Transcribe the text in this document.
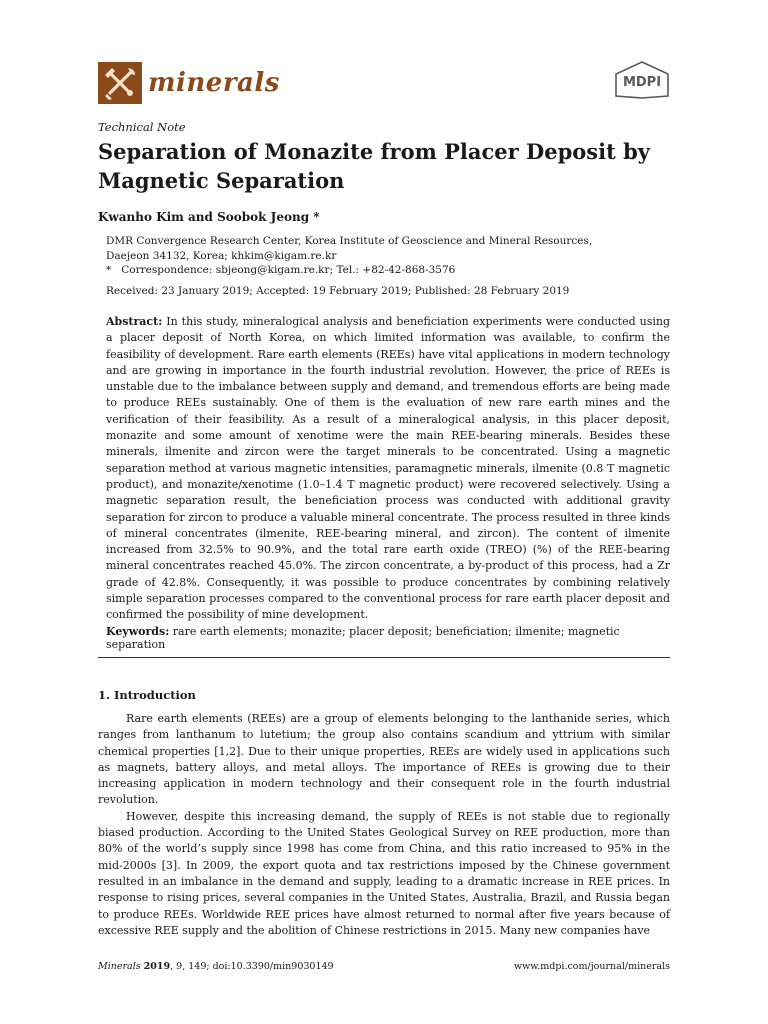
minerals	MDPI
Technical Note
Separation of Monazite from Placer Deposit by Magnetic Separation
Kwanho Kim and Soobok Jeong *
DMR Convergence Research Center, Korea Institute of Geoscience and Mineral Resources,
Daejeon 34132, Korea; khkim@kigam.re.kr
* Correspondence: sbjeong@kigam.re.kr; Tel.: +82-42-868-3576
Received: 23 January 2019; Accepted: 19 February 2019; Published: 28 February 2019

Abstract: In this study, mineralogical analysis and beneficiation experiments were conducted using a placer deposit of North Korea, on which limited information was available, to confirm the feasibility of development. Rare earth elements (REEs) have vital applications in modern technology and are growing in importance in the fourth industrial revolution. However, the price of REEs is unstable due to the imbalance between supply and demand, and tremendous efforts are being made to produce REEs sustainably. One of them is the evaluation of new rare earth mines and the verification of their feasibility. As a result of a mineralogical analysis, in this placer deposit, monazite and some amount of xenotime were the main REE-bearing minerals. Besides these minerals, ilmenite and zircon were the target minerals to be concentrated. Using a magnetic separation method at various magnetic intensities, paramagnetic minerals, ilmenite (0.8 T magnetic product), and monazite/xenotime (1.0–1.4 T magnetic product) were recovered selectively. Using a magnetic separation result, the beneficiation process was conducted with additional gravity separation for zircon to produce a valuable mineral concentrate. The process resulted in three kinds of mineral concentrates (ilmenite, REE-bearing mineral, and zircon). The content of ilmenite increased from 32.5% to 90.9%, and the total rare earth oxide (TREO) (%) of the REE-bearing mineral concentrates reached 45.0%. The zircon concentrate, a by-product of this process, had a Zr grade of 42.8%. Consequently, it was possible to produce concentrates by combining relatively simple separation processes compared to the conventional process for rare earth placer deposit and confirmed the possibility of mine development.

Keywords: rare earth elements; monazite; placer deposit; beneficiation; ilmenite; magnetic separation
1. Introduction

Rare earth elements (REEs) are a group of elements belonging to the lanthanide series, which ranges from lanthanum to lutetium; the group also contains scandium and yttrium with similar chemical properties [1,2]. Due to their unique properties, REEs are widely used in applications such as magnets, battery alloys, and metal alloys. The importance of REEs is growing due to their increasing application in modern technology and their consequent role in the fourth industrial revolution.

However, despite this increasing demand, the supply of REEs is not stable due to regionally biased production. According to the United States Geological Survey on REE production, more than 80% of the world’s supply since 1998 has come from China, and this ratio increased to 95% in the mid-2000s [3]. In 2009, the export quota and tax restrictions imposed by the Chinese government resulted in an imbalance in the demand and supply, leading to a dramatic increase in REE prices. In response to rising prices, several companies in the United States, Australia, Brazil, and Russia began to produce REEs. Worldwide REE prices have almost returned to normal after five years because of excessive REE supply and the abolition of Chinese restrictions in 2015. Many new companies have

Minerals 2019, 9, 149; doi:10.3390/min9030149	www.mdpi.com/journal/minerals
